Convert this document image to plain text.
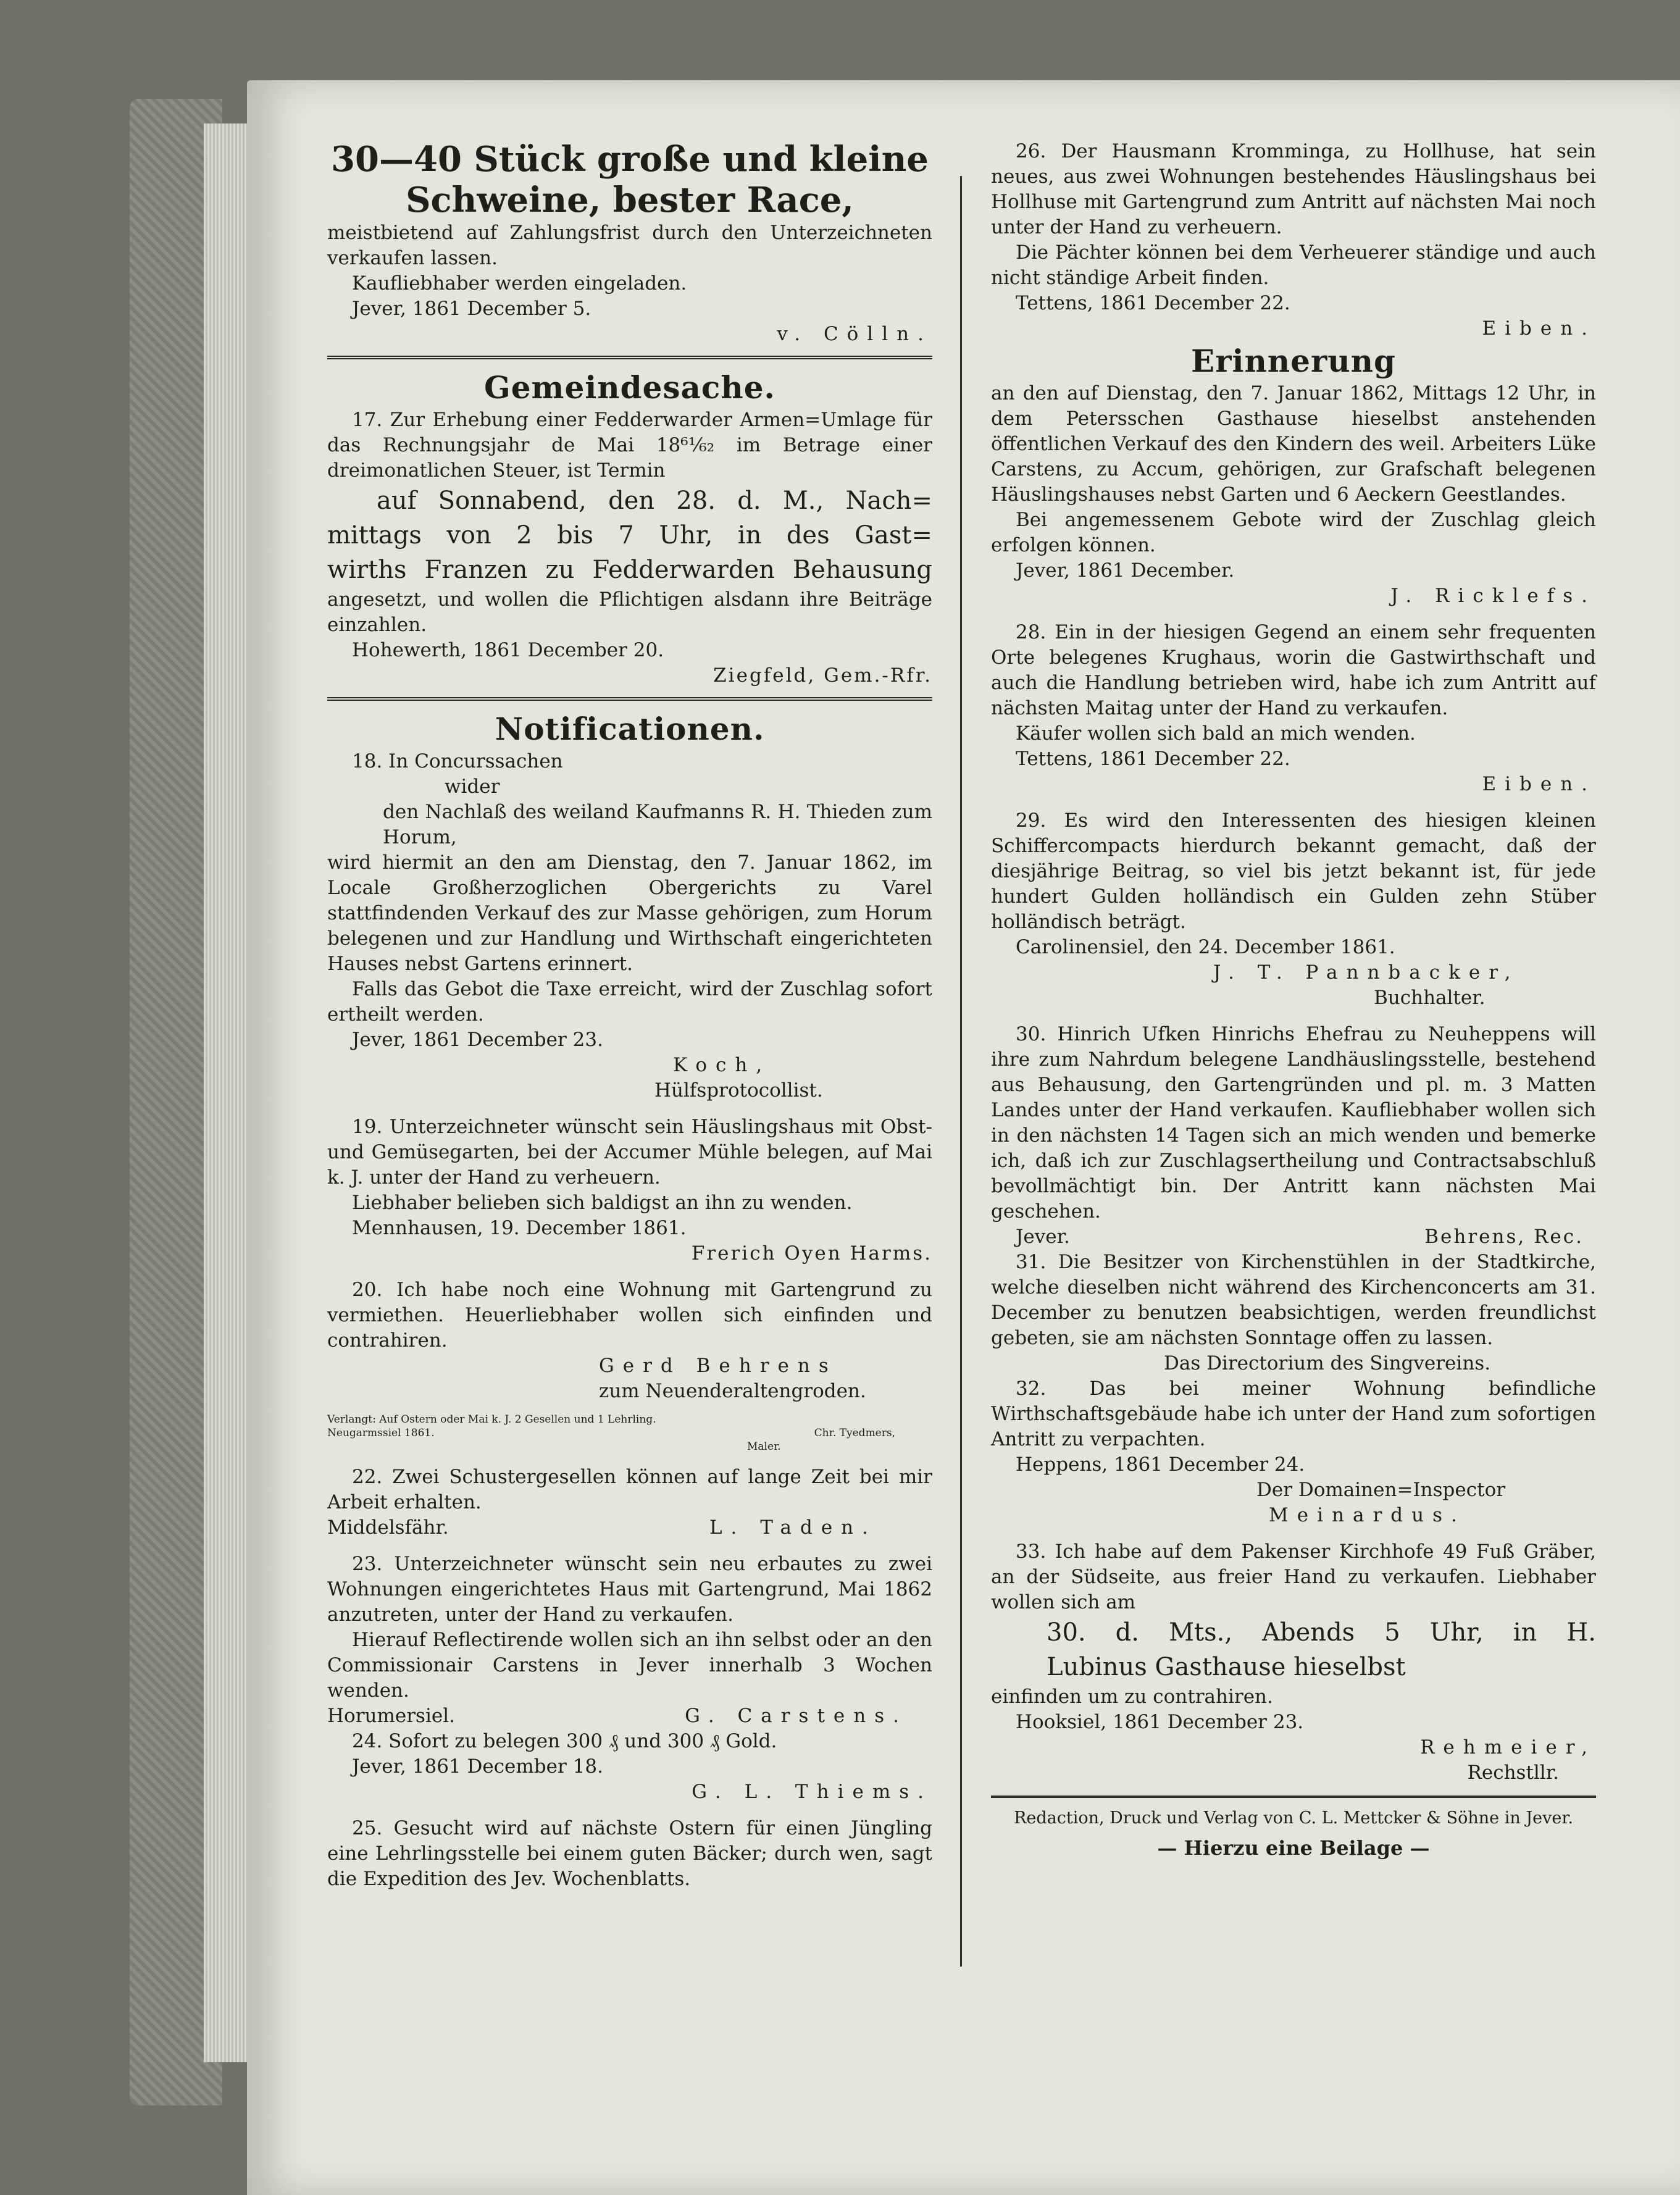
30—40 Stück große und kleine

Schweine, bester Race,

meistbietend auf Zahlungsfrist durch den Unterzeichneten verkaufen lassen.

Kaufliebhaber werden eingeladen.

Jever, 1861 December 5.

v. Cölln.

Gemeindesache.

17. Zur Erhebung einer Fedderwarder Armen=Umlage für das Rechnungsjahr de Mai 18⁶¹⁄₆₂ im Betrage einer dreimonatlichen Steuer, ist Termin

auf Sonnabend, den 28. d. M., Nach=

mittags von 2 bis 7 Uhr, in des Gast=

wirths Franzen zu Fedderwarden Behausung

angesetzt, und wollen die Pflichtigen alsdann ihre Beiträge einzahlen.

Hohewerth, 1861 December 20.

Ziegfeld, Gem.-Rfr.

Notificationen.

18. In Concurssachen

wider

den Nachlaß des weiland Kaufmanns R. H. Thieden zum Horum,

wird hiermit an den am Dienstag, den 7. Januar 1862, im Locale Großherzoglichen Obergerichts zu Varel stattfindenden Verkauf des zur Masse gehörigen, zum Horum belegenen und zur Handlung und Wirthschaft eingerichteten Hauses nebst Gartens erinnert.

Falls das Gebot die Taxe erreicht, wird der Zuschlag sofort ertheilt werden.

Jever, 1861 December 23.

Koch,

Hülfsprotocollist.

19. Unterzeichneter wünscht sein Häuslingshaus mit Obst- und Gemüsegarten, bei der Accumer Mühle belegen, auf Mai k. J. unter der Hand zu verheuern.

Liebhaber belieben sich baldigst an ihn zu wenden.

Mennhausen, 19. December 1861.

Frerich Oyen Harms.

20. Ich habe noch eine Wohnung mit Gartengrund zu vermiethen. Heuerliebhaber wollen sich einfinden und contrahiren.

Gerd Behrens

zum Neuenderaltengroden.

Verlangt: Auf Ostern oder Mai k. J. 2 Gesellen und 1 Lehrling.

Neugarmssiel 1861.	Chr. Tyedmers,

Maler.

22. Zwei Schustergesellen können auf lange Zeit bei mir Arbeit erhalten.

Middelsfähr.	L. Taden.

23. Unterzeichneter wünscht sein neu erbautes zu zwei Wohnungen eingerichtetes Haus mit Gartengrund, Mai 1862 anzutreten, unter der Hand zu verkaufen.

Hierauf Reflectirende wollen sich an ihn selbst oder an den Commissionair Carstens in Jever innerhalb 3 Wochen wenden.

Horumersiel.	G. Carstens.

24. Sofort zu belegen 300 ₰ und 300 ₰ Gold.

Jever, 1861 December 18.

G. L. Thiems.

25. Gesucht wird auf nächste Ostern für einen Jüngling eine Lehrlingsstelle bei einem guten Bäcker; durch wen, sagt die Expedition des Jev. Wochenblatts.

26. Der Hausmann Kromminga, zu Hollhuse, hat sein neues, aus zwei Wohnungen bestehendes Häuslingshaus bei Hollhuse mit Gartengrund zum Antritt auf nächsten Mai noch unter der Hand zu verheuern.

Die Pächter können bei dem Verheuerer ständige und auch nicht ständige Arbeit finden.

Tettens, 1861 December 22.

Eiben.

Erinnerung

an den auf Dienstag, den 7. Januar 1862, Mittags 12 Uhr, in dem Petersschen Gasthause hieselbst anstehenden öffentlichen Verkauf des den Kindern des weil. Arbeiters Lüke Carstens, zu Accum, gehörigen, zur Grafschaft belegenen Häuslingshauses nebst Garten und 6 Aeckern Geestlandes.

Bei angemessenem Gebote wird der Zuschlag gleich erfolgen können.

Jever, 1861 December.

J. Ricklefs.

28. Ein in der hiesigen Gegend an einem sehr frequenten Orte belegenes Krughaus, worin die Gastwirthschaft und auch die Handlung betrieben wird, habe ich zum Antritt auf nächsten Maitag unter der Hand zu verkaufen.

Käufer wollen sich bald an mich wenden.

Tettens, 1861 December 22.

Eiben.

29. Es wird den Interessenten des hiesigen kleinen Schiffercompacts hierdurch bekannt gemacht, daß der diesjährige Beitrag, so viel bis jetzt bekannt ist, für jede hundert Gulden holländisch ein Gulden zehn Stüber holländisch beträgt.

Carolinensiel, den 24. December 1861.

J. T. Pannbacker,

Buchhalter.

30. Hinrich Ufken Hinrichs Ehefrau zu Neuheppens will ihre zum Nahrdum belegene Landhäuslingsstelle, bestehend aus Behausung, den Gartengründen und pl. m. 3 Matten Landes unter der Hand verkaufen. Kaufliebhaber wollen sich in den nächsten 14 Tagen sich an mich wenden und bemerke ich, daß ich zur Zuschlagsertheilung und Contractsabschluß bevollmächtigt bin. Der Antritt kann nächsten Mai geschehen.

Jever.	Behrens, Rec.

31. Die Besitzer von Kirchenstühlen in der Stadtkirche, welche dieselben nicht während des Kirchenconcerts am 31. December zu benutzen beabsichtigen, werden freundlichst gebeten, sie am nächsten Sonntage offen zu lassen.

Das Directorium des Singvereins.

32. Das bei meiner Wohnung befindliche Wirthschaftsgebäude habe ich unter der Hand zum sofortigen Antritt zu verpachten.

Heppens, 1861 December 24.

Der Domainen=Inspector

Meinardus.

33. Ich habe auf dem Pakenser Kirchhofe 49 Fuß Gräber, an der Südseite, aus freier Hand zu verkaufen. Liebhaber wollen sich am

30. d. Mts., Abends 5 Uhr, in H.

Lubinus Gasthause hieselbst

einfinden um zu contrahiren.

Hooksiel, 1861 December 23.

Rehmeier,

Rechstllr.

Redaction, Druck und Verlag von C. L. Mettcker & Söhne in Jever.

— Hierzu eine Beilage —
